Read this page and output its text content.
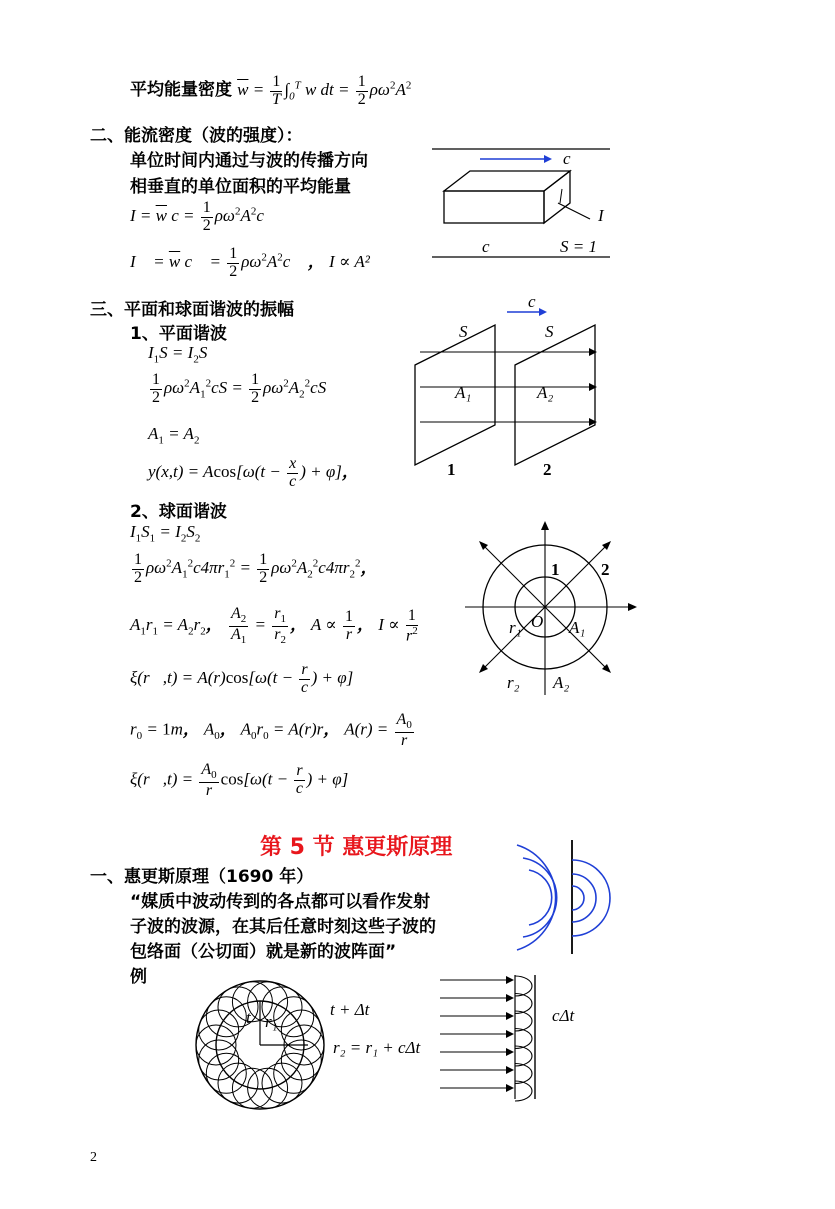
平均能量密度 $\overline{w} = \frac{1}{T} \int_0^T$ w dt = $\frac{1}{2} \rho\omega^2A^2$
二、能流密度（波的强度）：
单位时间内通过与波的传播方向
相垂直的单位面积的平均能量
$I = \overline{w}$ $c = \frac{1}{2} \rho\omega^2A^2c$
I⃗ = $\overline{w}$ c⃗ = $\frac{1}{2}$ $\rho\omega^2A^2c⃗$ ， I ∝ A²
c
I
c	S = 1
三、平面和球面谐波的振幅
1、平面谐波
$I_1S = I_2S$
$\frac{1}{2} \rho\omega^2A_1^2cS = \frac{1}{2} \rho\omega^2A_2^2cS$
$A_1 = A_2$
$y(x,t) = Acos[\omega(t - \frac{x}{c}$ ) + φ]，
c
S	S
A₁	A₂
1	2
2、球面谐波
$I_1S_1 = I_2S_2$
$\frac{1}{2} \rho\omega^2A_1^2c4\pi r_1^2 = \frac{1}{2} \rho\omega^2A_2^2c4\pi r_2^2$，
$A_1r_1 = A_2r_2$， $\frac{A_2}{A_1} = \frac{r_1}{r_2}$ ， $A \propto \frac{1}{r}$ ， $I \propto \frac{1}{r^2}$
ξ(r⃗,t) = $A(r)\cos[\omega(t - \frac{r}{c}$ ) + φ]
$r_0 = 1m$， $A_0$， $A_0r_0 = A(r)r$， $A(r) = \frac{A_0}{r}$
ξ(r⃗,t) = $\frac{A_0}{r} \cos[\omega(t - \frac{r}{c}$ ) + φ]
1 2
O
r₁	A₁
r₂ A₂
第 5 节 惠更斯原理
一、惠更斯原理（1690 年）
“媒质中波动传到的各点都可以看作发射
子波的波源，在其后任意时刻这些子波的
包络面（公切面）就是新的波阵面”
例
t r₁
t + Δt
r₂ = r₁ + cΔt
cΔt
2
